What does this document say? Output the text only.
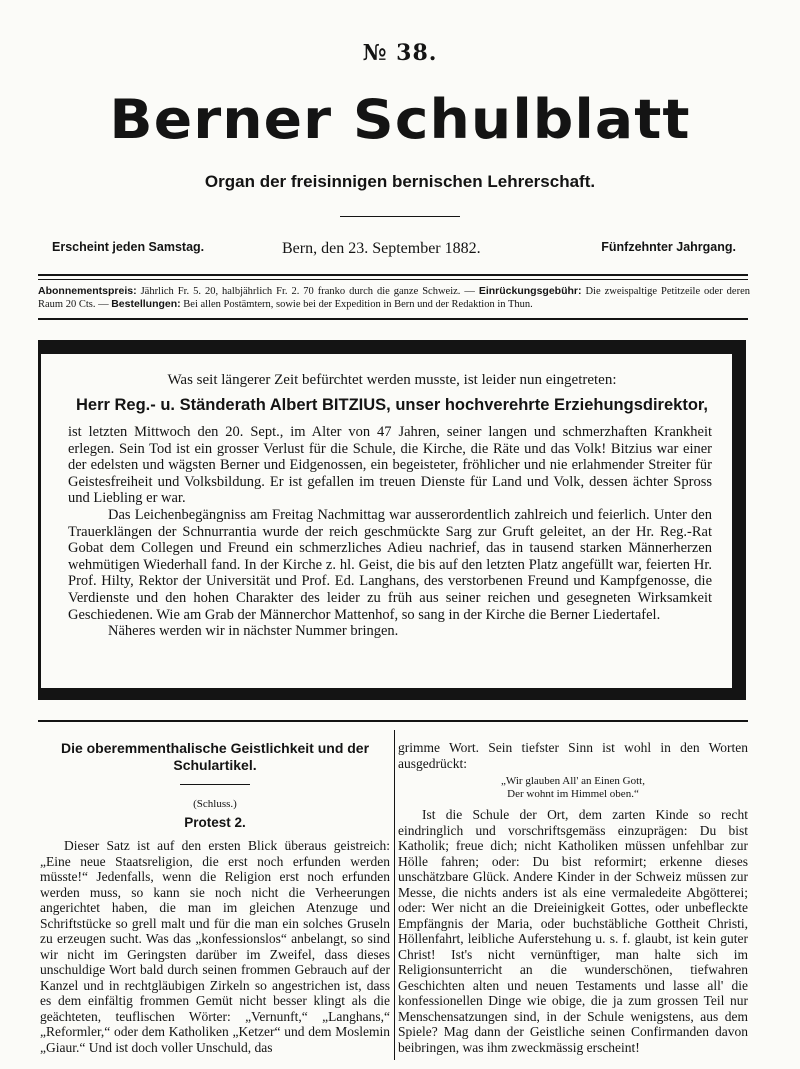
№ 38.
Berner Schulblatt
Organ der freisinnigen bernischen Lehrerschaft.
Erscheint jeden Samstag.	Bern, den 23. September 1882.	Fünfzehnter Jahrgang.
Abonnementspreis: Jährlich Fr. 5. 20, halbjährlich Fr. 2. 70 franko durch die ganze Schweiz. — Einrückungsgebühr: Die zweispaltige Petitzeile oder deren Raum 20 Cts. — Bestellungen: Bei allen Postämtern, sowie bei der Expedition in Bern und der Redaktion in Thun.
Was seit längerer Zeit befürchtet werden musste, ist leider nun eingetreten:
Herr Reg.- u. Ständerath Albert BITZIUS, unser hochverehrte Erziehungsdirektor,

ist letzten Mittwoch den 20. Sept., im Alter von 47 Jahren, seiner langen und schmerzhaften Krankheit erlegen. Sein Tod ist ein grosser Verlust für die Schule, die Kirche, die Räte und das Volk! Bitzius war einer der edelsten und wägsten Berner und Eidgenossen, ein begeisteter, fröhlicher und nie erlahmender Streiter für Geistesfreiheit und Volksbildung. Er ist gefallen im treuen Dienste für Land und Volk, dessen ächter Spross und Liebling er war.

Das Leichenbegängniss am Freitag Nachmittag war ausserordentlich zahlreich und feierlich. Unter den Trauerklängen der Schnurrantia wurde der reich geschmückte Sarg zur Gruft geleitet, an der Hr. Reg.-Rat Gobat dem Collegen und Freund ein schmerzliches Adieu nachrief, das in tausend starken Männerherzen wehmütigen Wiederhall fand. In der Kirche z. hl. Geist, die bis auf den letzten Platz angefüllt war, feierten Hr. Prof. Hilty, Rektor der Universität und Prof. Ed. Langhans, des verstorbenen Freund und Kampfgenosse, die Verdienste und den hohen Charakter des leider zu früh aus seiner reichen und gesegneten Wirksamkeit Geschiedenen. Wie am Grab der Männerchor Mattenhof, so sang in der Kirche die Berner Liedertafel.

Näheres werden wir in nächster Nummer bringen.

Die oberemmenthalische Geistlichkeit und der Schulartikel.
(Schluss.)
Protest 2.

Dieser Satz ist auf den ersten Blick überaus geistreich: „Eine neue Staatsreligion, die erst noch erfunden werden müsste!“ Jedenfalls, wenn die Religion erst noch erfunden werden muss, so kann sie noch nicht die Verheerungen angerichtet haben, die man im gleichen Atenzuge und Schriftstücke so grell malt und für die man ein solches Gruseln zu erzeugen sucht. Was das „konfessionslos“ anbelangt, so sind wir nicht im Geringsten darüber im Zweifel, dass dieses unschuldige Wort bald durch seinen frommen Gebrauch auf der Kanzel und in rechtgläubigen Zirkeln so angestrichen ist, dass es dem einfältig frommen Gemüt nicht besser klingt als die geächteten, teuflischen Wörter: „Vernunft,“ „Langhans,“ „Reformler,“ oder dem Katholiken „Ketzer“ und dem Moslemin „Giaur.“ Und ist doch voller Unschuld, das

grimme Wort. Sein tiefster Sinn ist wohl in den Worten ausgedrückt:

„Wir glauben All' an Einen Gott,
Der wohnt im Himmel oben.“

Ist die Schule der Ort, dem zarten Kinde so recht eindringlich und vorschriftsgemäss einzuprägen: Du bist Katholik; freue dich; nicht Katholiken müssen unfehlbar zur Hölle fahren; oder: Du bist reformirt; erkenne dieses unschätzbare Glück. Andere Kinder in der Schweiz müssen zur Messe, die nichts anders ist als eine vermaledeite Abgötterei; oder: Wer nicht an die Dreieinigkeit Gottes, oder unbefleckte Empfängnis der Maria, oder buchstäbliche Gottheit Christi, Höllenfahrt, leibliche Auferstehung u. s. f. glaubt, ist kein guter Christ! Ist's nicht vernünftiger, man halte sich im Religionsunterricht an die wunderschönen, tiefwahren Geschichten alten und neuen Testaments und lasse all' die konfessionellen Dinge wie obige, die ja zum grossen Teil nur Menschensatzungen sind, in der Schule wenigstens, aus dem Spiele? Mag dann der Geistliche seinen Confirmanden davon beibringen, was ihm zweckmässig erscheint!
